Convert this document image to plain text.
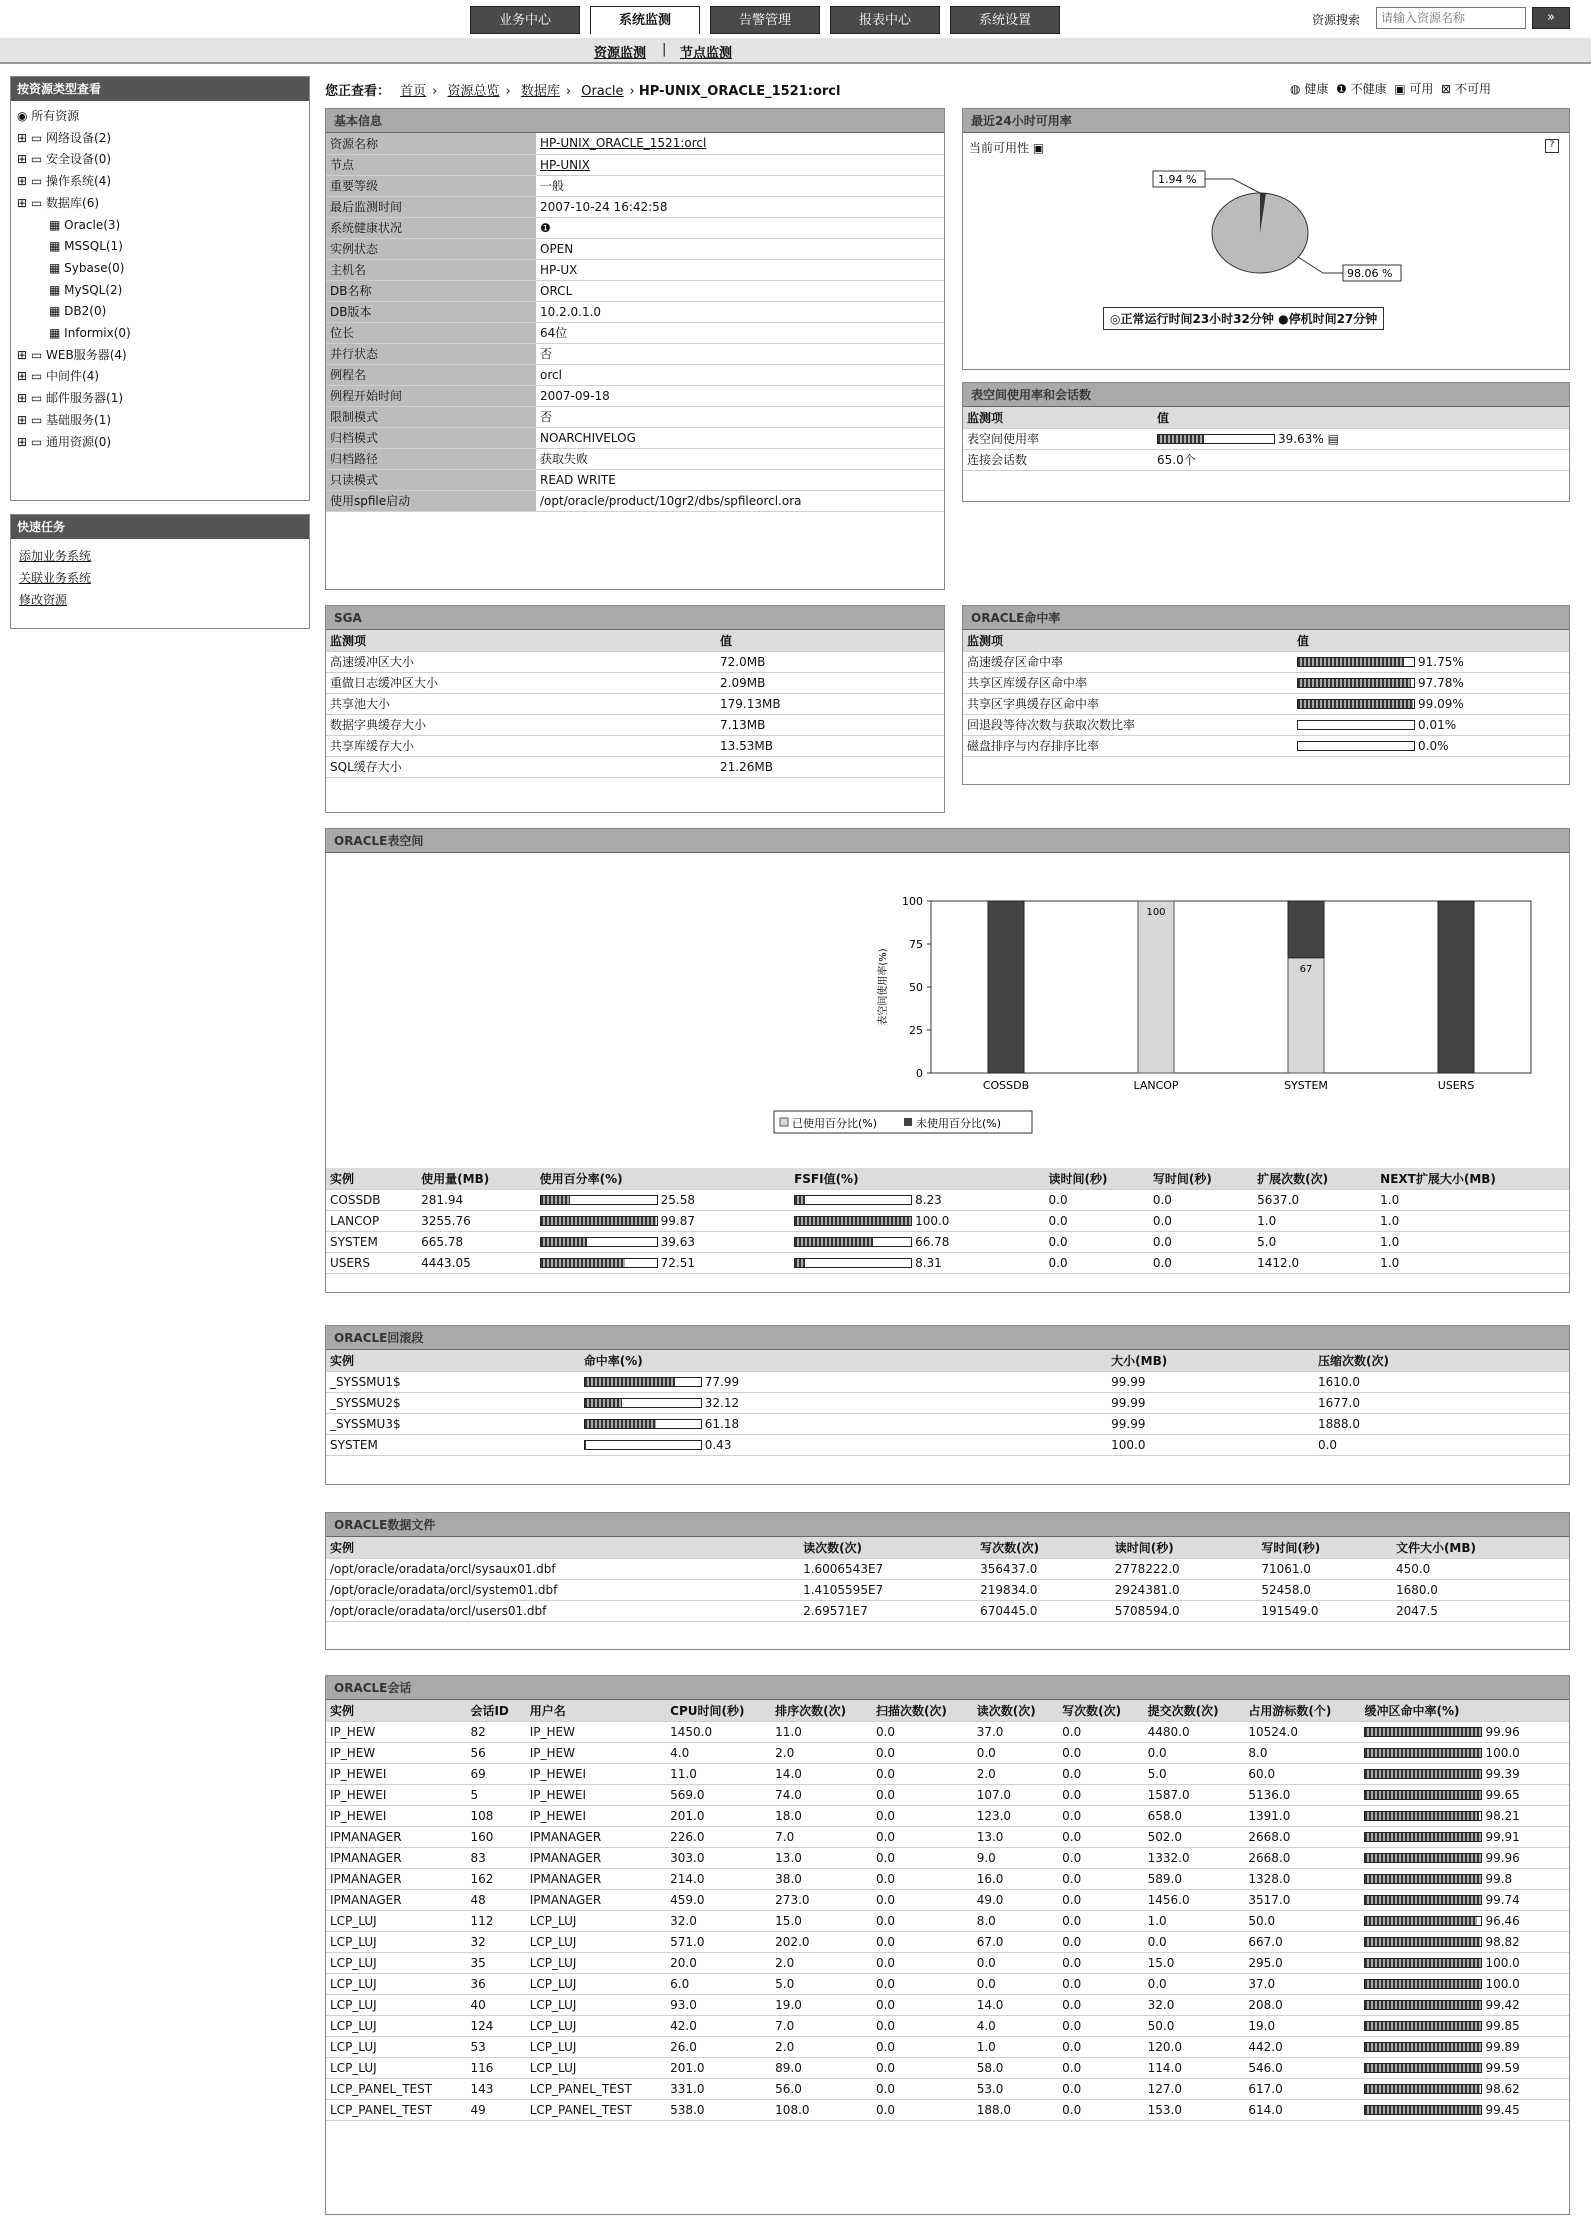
业务中心	系统监测	告警管理	报表中心	系统设置	资源搜索
请输入资源名称	»
资源监测 | 节点监测
按资源类型查看
◉ 所有资源
⊞ ▭ 网络设备(2)
⊞ ▭ 安全设备(0)
⊞ ▭ 操作系统(4)
⊞ ▭ 数据库(6)
▦ Oracle(3)
▦ MSSQL(1)
▦ Sybase(0)
▦ MySQL(2)
▦ DB2(0)
▦ Informix(0)
⊞ ▭ WEB服务器(4)
⊞ ▭ 中间件(4)
⊞ ▭ 邮件服务器(1)
⊞ ▭ 基础服务(1)
⊞ ▭ 通用资源(0)
快速任务
添加业务系统
关联业务系统
修改资源
您正查看： 首页 › 资源总览 › 数据库 › Oracle › HP-UNIX_ORACLE_1521:orcl	◍ 健康 ❶ 不健康 ▣ 可用 ⊠ 不可用
基本信息
资源名称	HP-UNIX_ORACLE_1521:orcl
节点	HP-UNIX
重要等级	一般
最后监测时间	2007-10-24 16:42:58
系统健康状况	❶
实例状态	OPEN
主机名	HP-UX
DB名称	ORCL
DB版本	10.2.0.1.0
位长	64位
并行状态	否
例程名	orcl
例程开始时间	2007-09-18
限制模式	否
归档模式	NOARCHIVELOG
归档路径	获取失败
只读模式	READ WRITE
使用spfile启动	/opt/oracle/product/10gr2/dbs/spfileorcl.ora
最近24小时可用率
当前可用性 ▣	?
1.94 %
98.06 %
◎正常运行时间23小时32分钟 ●停机时间27分钟
表空间使用率和会话数
监测项	值
表空间使用率	39.63% ▤
连接会话数	65.0个
SGA
监测项	值
高速缓冲区大小	72.0MB
重做日志缓冲区大小	2.09MB
共享池大小	179.13MB
数据字典缓存大小	7.13MB
共享库缓存大小	13.53MB
SQL缓存大小	21.26MB
ORACLE命中率
监测项	值
高速缓存区命中率	91.75%
共享区库缓存区命中率	97.78%
共享区字典缓存区命中率	99.09%
回退段等待次数与获取次数比率	0.01%
磁盘排序与内存排序比率	0.0%
ORACLE表空间
0
25
50
75
100
表空间使用率(%)
COSSDB
100
LANCOP
67
SYSTEM	USERS
已使用百分比(%)	未使用百分比(%)
实例	使用量(MB)	使用百分率(%)	FSFI值(%)	读时间(秒)	写时间(秒)	扩展次数(次)	NEXT扩展大小(MB)
COSSDB	281.94	25.58	8.23	0.0	0.0	5637.0	1.0
LANCOP	3255.76	99.87	100.0	0.0	0.0	1.0	1.0
SYSTEM	665.78	39.63	66.78	0.0	0.0	5.0	1.0
USERS	4443.05	72.51	8.31	0.0	0.0	1412.0	1.0
ORACLE回滚段
实例	命中率(%)	大小(MB)	压缩次数(次)
_SYSSMU1$	77.99	99.99	1610.0
_SYSSMU2$	32.12	99.99	1677.0
_SYSSMU3$	61.18	99.99	1888.0
SYSTEM	0.43	100.0	0.0
ORACLE数据文件
实例	读次数(次)	写次数(次)	读时间(秒)	写时间(秒)	文件大小(MB)
/opt/oracle/oradata/orcl/sysaux01.dbf	1.6006543E7	356437.0	2778222.0	71061.0	450.0
/opt/oracle/oradata/orcl/system01.dbf	1.4105595E7	219834.0	2924381.0	52458.0	1680.0
/opt/oracle/oradata/orcl/users01.dbf	2.69571E7	670445.0	5708594.0	191549.0	2047.5
ORACLE会话
实例	会话ID	用户名	CPU时间(秒)	排序次数(次)	扫描次数(次)	读次数(次)	写次数(次)	提交次数(次)	占用游标数(个)	缓冲区命中率(%)
IP_HEW	82	IP_HEW	1450.0	11.0	0.0	37.0	0.0	4480.0	10524.0	99.96
IP_HEW	56	IP_HEW	4.0	2.0	0.0	0.0	0.0	0.0	8.0	100.0
IP_HEWEI	69	IP_HEWEI	11.0	14.0	0.0	2.0	0.0	5.0	60.0	99.39
IP_HEWEI	5	IP_HEWEI	569.0	74.0	0.0	107.0	0.0	1587.0	5136.0	99.65
IP_HEWEI	108	IP_HEWEI	201.0	18.0	0.0	123.0	0.0	658.0	1391.0	98.21
IPMANAGER	160	IPMANAGER	226.0	7.0	0.0	13.0	0.0	502.0	2668.0	99.91
IPMANAGER	83	IPMANAGER	303.0	13.0	0.0	9.0	0.0	1332.0	2668.0	99.96
IPMANAGER	162	IPMANAGER	214.0	38.0	0.0	16.0	0.0	589.0	1328.0	99.8
IPMANAGER	48	IPMANAGER	459.0	273.0	0.0	49.0	0.0	1456.0	3517.0	99.74
LCP_LUJ	112	LCP_LUJ	32.0	15.0	0.0	8.0	0.0	1.0	50.0	96.46
LCP_LUJ	32	LCP_LUJ	571.0	202.0	0.0	67.0	0.0	0.0	667.0	98.82
LCP_LUJ	35	LCP_LUJ	20.0	2.0	0.0	0.0	0.0	15.0	295.0	100.0
LCP_LUJ	36	LCP_LUJ	6.0	5.0	0.0	0.0	0.0	0.0	37.0	100.0
LCP_LUJ	40	LCP_LUJ	93.0	19.0	0.0	14.0	0.0	32.0	208.0	99.42
LCP_LUJ	124	LCP_LUJ	42.0	7.0	0.0	4.0	0.0	50.0	19.0	99.85
LCP_LUJ	53	LCP_LUJ	26.0	2.0	0.0	1.0	0.0	120.0	442.0	99.89
LCP_LUJ	116	LCP_LUJ	201.0	89.0	0.0	58.0	0.0	114.0	546.0	99.59
LCP_PANEL_TEST	143	LCP_PANEL_TEST	331.0	56.0	0.0	53.0	0.0	127.0	617.0	98.62
LCP_PANEL_TEST	49	LCP_PANEL_TEST	538.0	108.0	0.0	188.0	0.0	153.0	614.0	99.45
